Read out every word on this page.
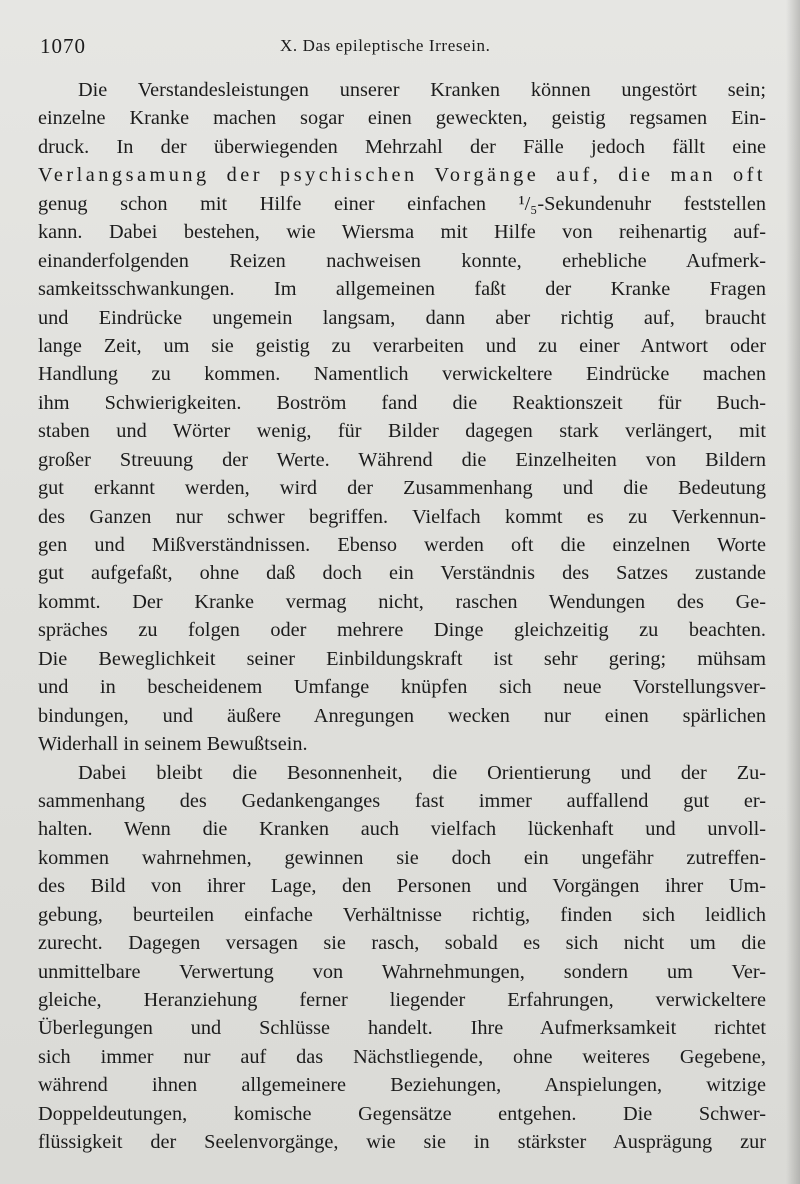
1070	X. Das epileptische Irresein.
Die Verstandesleistungen unserer Kranken können ungestört sein;
einzelne Kranke machen sogar einen geweckten, geistig regsamen Ein-
druck. In der überwiegenden Mehrzahl der Fälle jedoch fällt eine
Verlangsamung der psychischen Vorgänge auf, die man oft
genug schon mit Hilfe einer einfachen ¹/₅-Sekundenuhr feststellen
kann. Dabei bestehen, wie Wiersma mit Hilfe von reihenartig auf-
einanderfolgenden Reizen nachweisen konnte, erhebliche Aufmerk-
samkeitsschwankungen. Im allgemeinen faßt der Kranke Fragen
und Eindrücke ungemein langsam, dann aber richtig auf, braucht
lange Zeit, um sie geistig zu verarbeiten und zu einer Antwort oder
Handlung zu kommen. Namentlich verwickeltere Eindrücke machen
ihm Schwierigkeiten. Boström fand die Reaktionszeit für Buch-
staben und Wörter wenig, für Bilder dagegen stark verlängert, mit
großer Streuung der Werte. Während die Einzelheiten von Bildern
gut erkannt werden, wird der Zusammenhang und die Bedeutung
des Ganzen nur schwer begriffen. Vielfach kommt es zu Verkennun-
gen und Mißverständnissen. Ebenso werden oft die einzelnen Worte
gut aufgefaßt, ohne daß doch ein Verständnis des Satzes zustande
kommt. Der Kranke vermag nicht, raschen Wendungen des Ge-
spräches zu folgen oder mehrere Dinge gleichzeitig zu beachten.
Die Beweglichkeit seiner Einbildungskraft ist sehr gering; mühsam
und in bescheidenem Umfange knüpfen sich neue Vorstellungsver-
bindungen, und äußere Anregungen wecken nur einen spärlichen
Widerhall in seinem Bewußtsein.
Dabei bleibt die Besonnenheit, die Orientierung und der Zu-
sammenhang des Gedankenganges fast immer auffallend gut er-
halten. Wenn die Kranken auch vielfach lückenhaft und unvoll-
kommen wahrnehmen, gewinnen sie doch ein ungefähr zutreffen-
des Bild von ihrer Lage, den Personen und Vorgängen ihrer Um-
gebung, beurteilen einfache Verhältnisse richtig, finden sich leidlich
zurecht. Dagegen versagen sie rasch, sobald es sich nicht um die
unmittelbare Verwertung von Wahrnehmungen, sondern um Ver-
gleiche, Heranziehung ferner liegender Erfahrungen, verwickeltere
Überlegungen und Schlüsse handelt. Ihre Aufmerksamkeit richtet
sich immer nur auf das Nächstliegende, ohne weiteres Gegebene,
während ihnen allgemeinere Beziehungen, Anspielungen, witzige
Doppeldeutungen, komische Gegensätze entgehen. Die Schwer-
flüssigkeit der Seelenvorgänge, wie sie in stärkster Ausprägung zur
